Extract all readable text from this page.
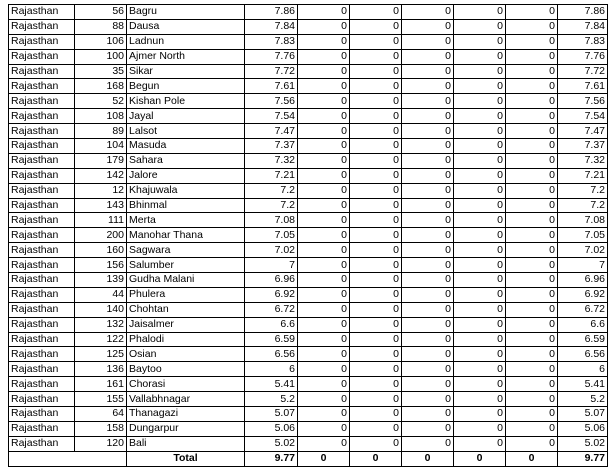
Rajasthan	56	Bagru	7.86	0	0	0	0	0	7.86
Rajasthan	88	Dausa	7.84	0	0	0	0	0	7.84
Rajasthan	106	Ladnun	7.83	0	0	0	0	0	7.83
Rajasthan	100	Ajmer North	7.76	0	0	0	0	0	7.76
Rajasthan	35	Sikar	7.72	0	0	0	0	0	7.72
Rajasthan	168	Begun	7.61	0	0	0	0	0	7.61
Rajasthan	52	Kishan Pole	7.56	0	0	0	0	0	7.56
Rajasthan	108	Jayal	7.54	0	0	0	0	0	7.54
Rajasthan	89	Lalsot	7.47	0	0	0	0	0	7.47
Rajasthan	104	Masuda	7.37	0	0	0	0	0	7.37
Rajasthan	179	Sahara	7.32	0	0	0	0	0	7.32
Rajasthan	142	Jalore	7.21	0	0	0	0	0	7.21
Rajasthan	12	Khajuwala	7.2	0	0	0	0	0	7.2
Rajasthan	143	Bhinmal	7.2	0	0	0	0	0	7.2
Rajasthan	111	Merta	7.08	0	0	0	0	0	7.08
Rajasthan	200	Manohar Thana	7.05	0	0	0	0	0	7.05
Rajasthan	160	Sagwara	7.02	0	0	0	0	0	7.02
Rajasthan	156	Salumber	7	0	0	0	0	0	7
Rajasthan	139	Gudha Malani	6.96	0	0	0	0	0	6.96
Rajasthan	44	Phulera	6.92	0	0	0	0	0	6.92
Rajasthan	140	Chohtan	6.72	0	0	0	0	0	6.72
Rajasthan	132	Jaisalmer	6.6	0	0	0	0	0	6.6
Rajasthan	122	Phalodi	6.59	0	0	0	0	0	6.59
Rajasthan	125	Osian	6.56	0	0	0	0	0	6.56
Rajasthan	136	Baytoo	6	0	0	0	0	0	6
Rajasthan	161	Chorasi	5.41	0	0	0	0	0	5.41
Rajasthan	155	Vallabhnagar	5.2	0	0	0	0	0	5.2
Rajasthan	64	Thanagazi	5.07	0	0	0	0	0	5.07
Rajasthan	158	Dungarpur	5.06	0	0	0	0	0	5.06
Rajasthan	120	Bali	5.02	0	0	0	0	0	5.02
		Total	9.77	0	0	0	0	0	9.77
